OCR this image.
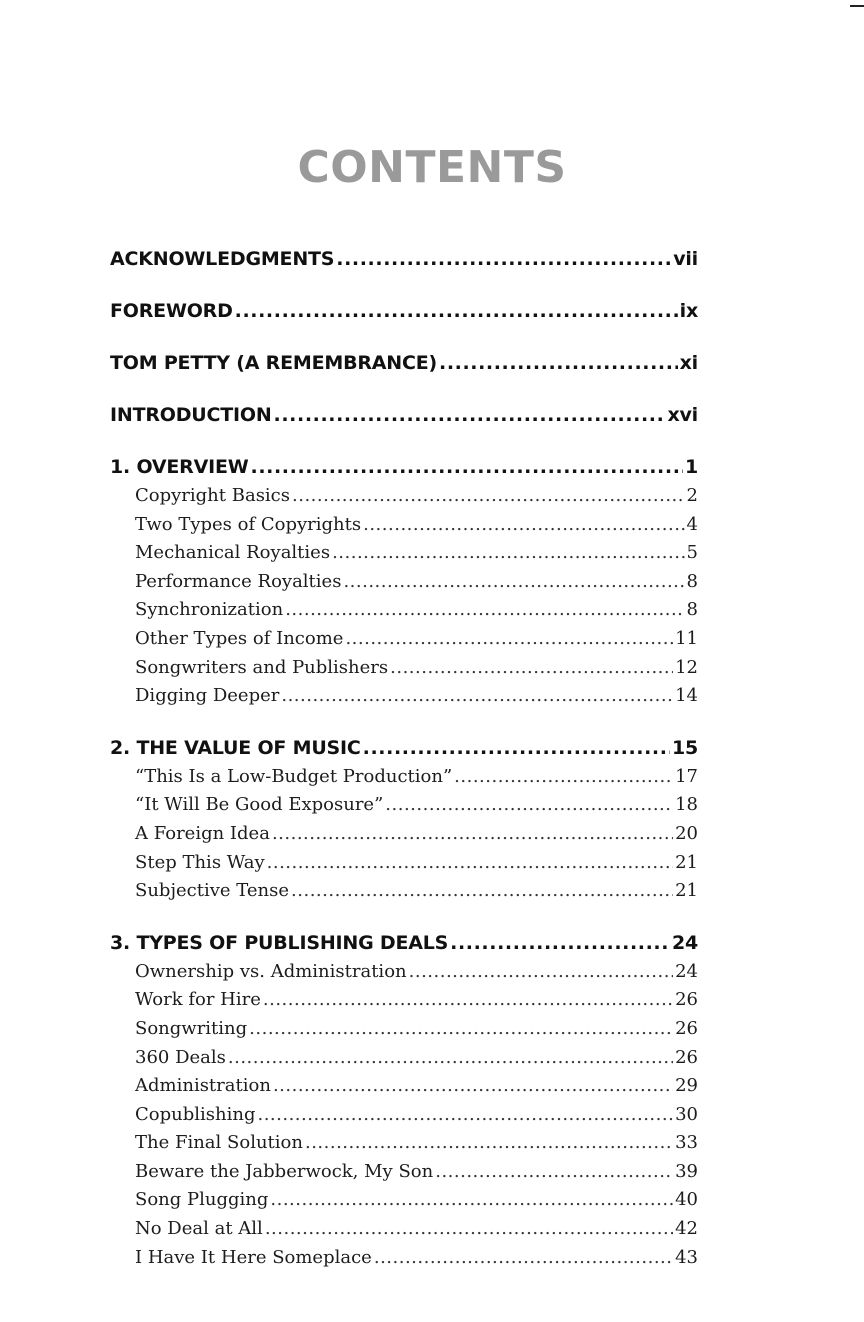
CONTENTS
ACKNOWLEDGMENTS .....	vii
FOREWORD .....	ix
TOM PETTY (A REMEMBRANCE) .....	xi
INTRODUCTION .....	xvi
1. OVERVIEW .....	1
Copyright Basics .....	2
Two Types of Copyrights .....	4
Mechanical Royalties .....	5
Performance Royalties .....	8
Synchronization .....	8
Other Types of Income .....	11
Songwriters and Publishers .....	12
Digging Deeper .....	14
2. THE VALUE OF MUSIC .....	15
“This Is a Low-Budget Production” .....	17
“It Will Be Good Exposure” .....	18
A Foreign Idea .....	20
Step This Way .....	21
Subjective Tense .....	21
3. TYPES OF PUBLISHING DEALS .....	24
Ownership vs. Administration .....	24
Work for Hire .....	26
Songwriting .....	26
360 Deals .....	26
Administration .....	29
Copublishing .....	30
The Final Solution .....	33
Beware the Jabberwock, My Son .....	39
Song Plugging .....	40
No Deal at All .....	42
I Have It Here Someplace .....	43
